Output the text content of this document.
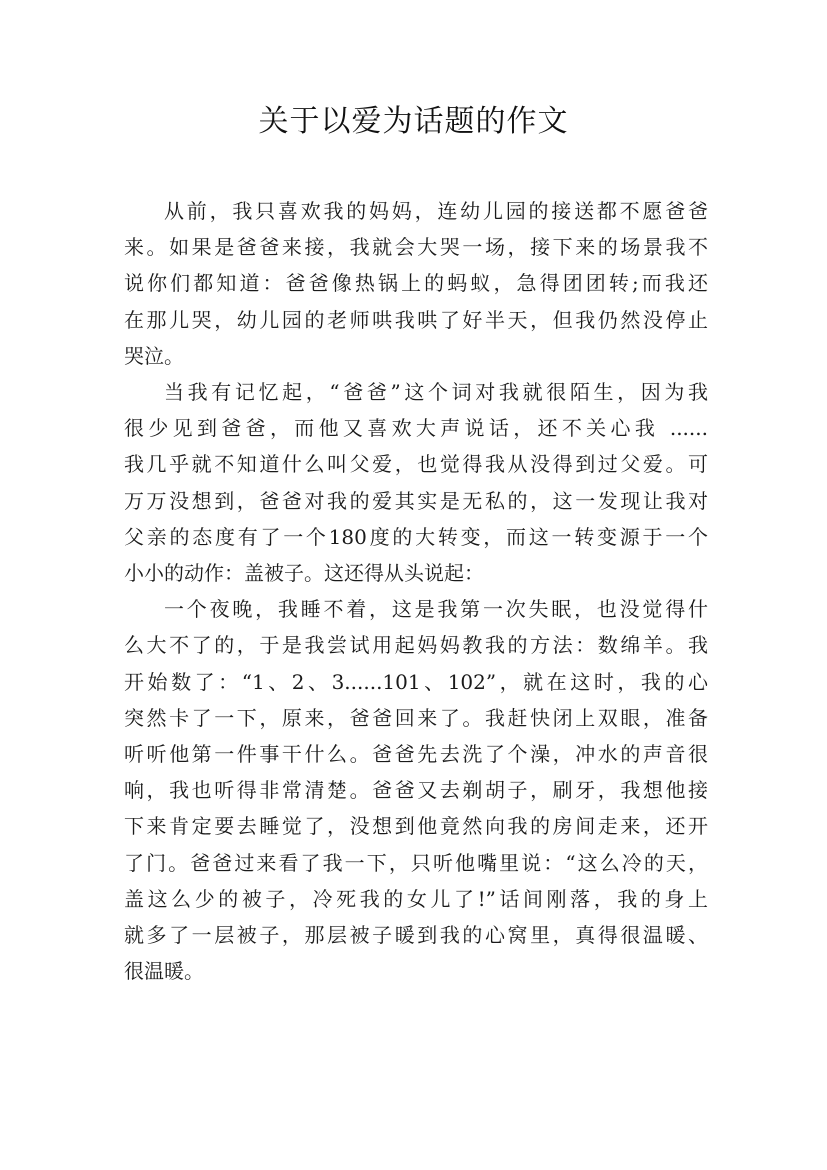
关于以爱为话题的作文

从前，我只喜欢我的妈妈，连幼儿园的接送都不愿爸爸
来。如果是爸爸来接，我就会大哭一场，接下来的场景我不
说你们都知道：爸爸像热锅上的蚂蚁，急得团团转;而我还
在那儿哭，幼儿园的老师哄我哄了好半天，但我仍然没停止
哭泣。

当我有记忆起，“爸爸”这个词对我就很陌生，因为我
很少见到爸爸，而他又喜欢大声说话，还不关心我 ......
我几乎就不知道什么叫父爱，也觉得我从没得到过父爱。可
万万没想到，爸爸对我的爱其实是无私的，这一发现让我对
父亲的态度有了一个180度的大转变，而这一转变源于一个
小小的动作：盖被子。这还得从头说起：

一个夜晚，我睡不着，这是我第一次失眠，也没觉得什
么大不了的，于是我尝试用起妈妈教我的方法：数绵羊。我
开始数了：“1、2、3......101、102”，就在这时，我的心
突然卡了一下，原来，爸爸回来了。我赶快闭上双眼，准备
听听他第一件事干什么。爸爸先去洗了个澡，冲水的声音很
响，我也听得非常清楚。爸爸又去剃胡子，刷牙，我想他接
下来肯定要去睡觉了，没想到他竟然向我的房间走来，还开
了门。爸爸过来看了我一下，只听他嘴里说：“这么冷的天，
盖这么少的被子，冷死我的女儿了!”话间刚落，我的身上
就多了一层被子，那层被子暖到我的心窝里，真得很温暖、
很温暖。
